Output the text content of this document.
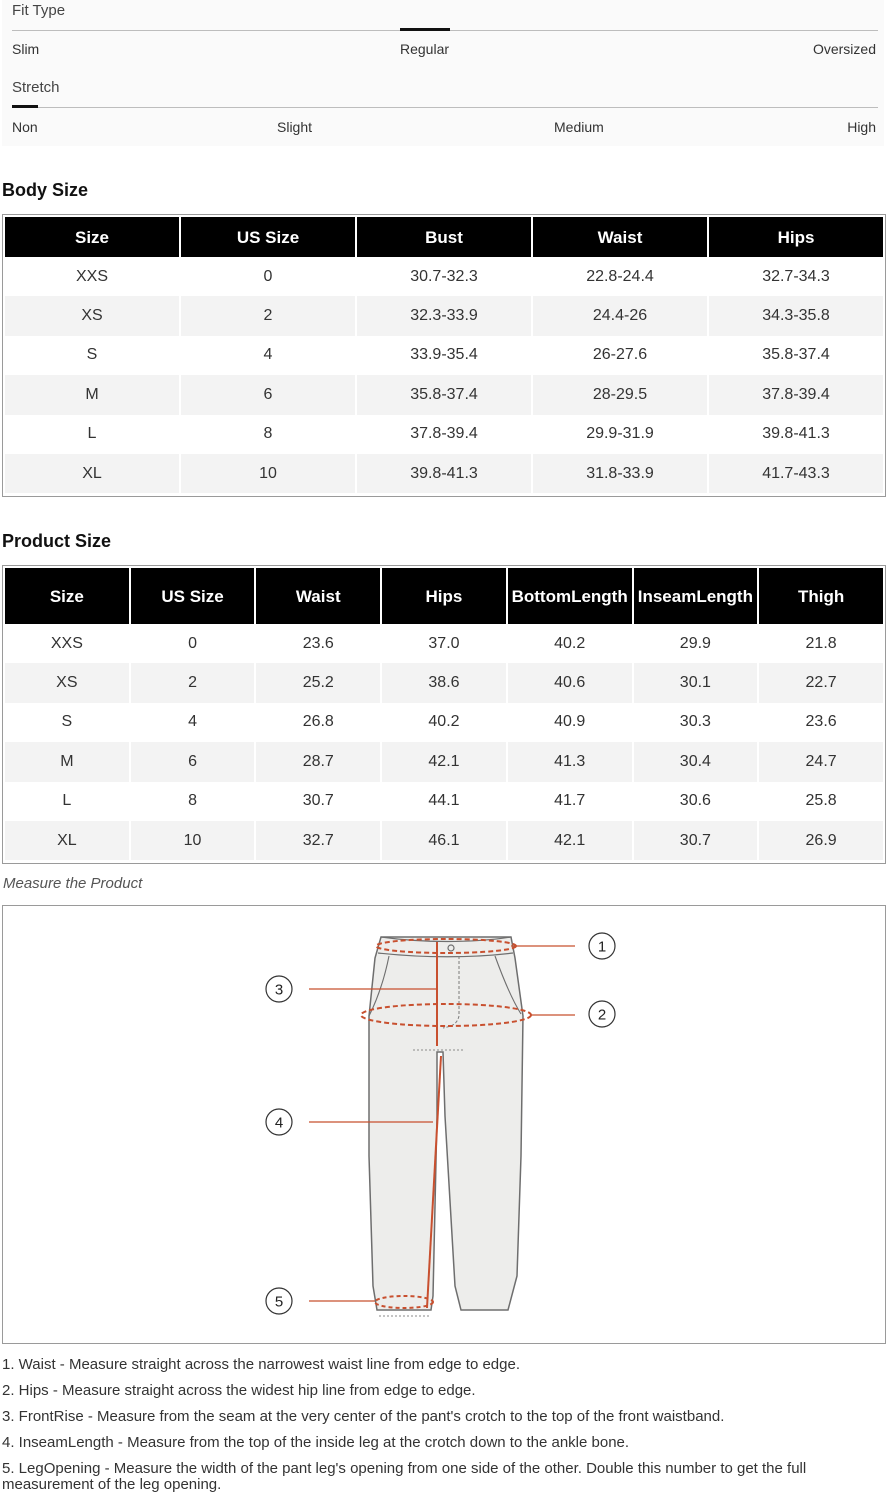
Fit Type
Slim	Regular	Oversized
Stretch
Non	Slight	Medium	High
Body Size
Size	US Size	Bust	Waist	Hips
XXS	0	30.7-32.3	22.8-24.4	32.7-34.3
XS	2	32.3-33.9	24.4-26	34.3-35.8
S	4	33.9-35.4	26-27.6	35.8-37.4
M	6	35.8-37.4	28-29.5	37.8-39.4
L	8	37.8-39.4	29.9-31.9	39.8-41.3
XL	10	39.8-41.3	31.8-33.9	41.7-43.3
Product Size
Size	US Size	Waist	Hips	BottomLength	InseamLength	Thigh
XXS	0	23.6	37.0	40.2	29.9	21.8
XS	2	25.2	38.6	40.6	30.1	22.7
S	4	26.8	40.2	40.9	30.3	23.6
M	6	28.7	42.1	41.3	30.4	24.7
L	8	30.7	44.1	41.7	30.6	25.8
XL	10	32.7	46.1	42.1	30.7	26.9
Measure the Product
1
2
3
4
5
1. Waist - Measure straight across the narrowest waist line from edge to edge.
2. Hips - Measure straight across the widest hip line from edge to edge.
3. FrontRise - Measure from the seam at the very center of the pant's crotch to the top of the front waistband.
4. InseamLength - Measure from the top of the inside leg at the crotch down to the ankle bone.
5. LegOpening - Measure the width of the pant leg's opening from one side of the other. Double this number to get the full measurement of the leg opening.
